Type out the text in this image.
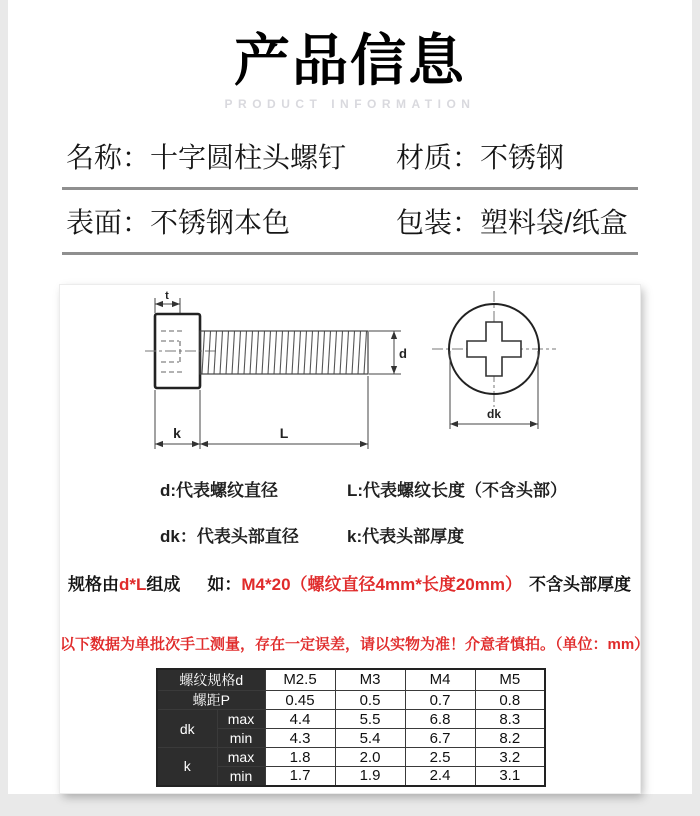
产品信息
PRODUCT INFORMATION
名称：十字圆柱头螺钉	材质：不锈钢
表面：不锈钢本色	包装：塑料袋/纸盒
t
d
k	L
dk
d:代表螺纹直径	L:代表螺纹长度（不含头部）
dk：代表头部直径	k:代表头部厚度
规格由d*L组成 如：M4*20（螺纹直径4mm*长度20mm） 不含头部厚度
以下数据为单批次手工测量，存在一定误差，请以实物为准！介意者慎拍。（单位：mm）
螺纹规格d		M2.5	M3	M4	M5
螺距P		0.45	0.5	0.7	0.8
dk	max	4.4	5.5	6.8	8.3
	min	4.3	5.4	6.7	8.2
k	max	1.8	2.0	2.5	3.2
	min	1.7	1.9	2.4	3.1
